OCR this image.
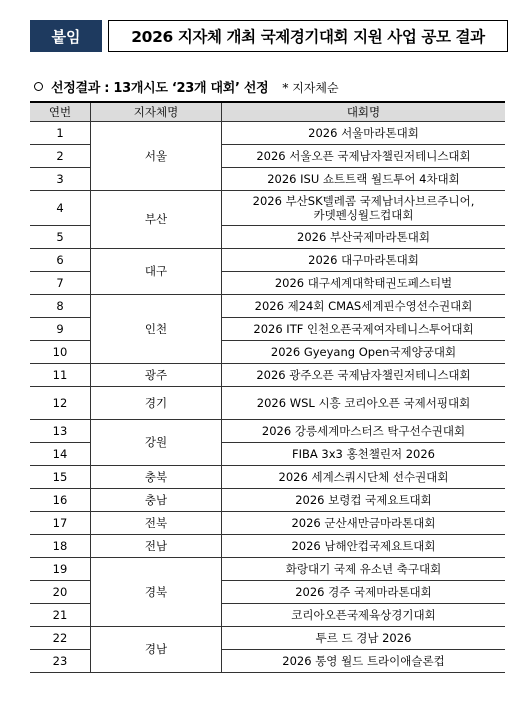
붙임	2026 지자체 개최 국제경기대회 지원 사업 공모 결과
선정결과 : 13개시도 ‘23개 대회’ 선정 * 지자체순
연번	지자체명	대회명
1	서울	2026 서울마라톤대회
2		2026 서울오픈 국제남자챌린저테니스대회
3		2026 ISU 쇼트트랙 월드투어 4차대회
4	부산	2026 부산SK텔레콤 국제남녀사브르주니어,
카뎃펜싱월드컵대회
5		2026 부산국제마라톤대회
6	대구	2026 대구마라톤대회
7		2026 대구세계대학태권도페스티벌
8	인천	2026 제24회 CMAS세계핀수영선수권대회
9		2026 ITF 인천오픈국제여자테니스투어대회
10		2026 Gyeyang Open국제양궁대회
11	광주	2026 광주오픈 국제남자챌린저테니스대회
12	경기	2026 WSL 시흥 코리아오픈 국제서핑대회
13	강원	2026 강릉세계마스터즈 탁구선수권대회
14		FIBA 3x3 홍천챌린저 2026
15	충북	2026 세계스쿼시단체 선수권대회
16	충남	2026 보령컵 국제요트대회
17	전북	2026 군산새만금마라톤대회
18	전남	2026 남해안컵국제요트대회
19	경북	화랑대기 국제 유소년 축구대회
20		2026 경주 국제마라톤대회
21		코리아오픈국제육상경기대회
22	경남	투르 드 경남 2026
23		2026 통영 월드 트라이애슬론컵
